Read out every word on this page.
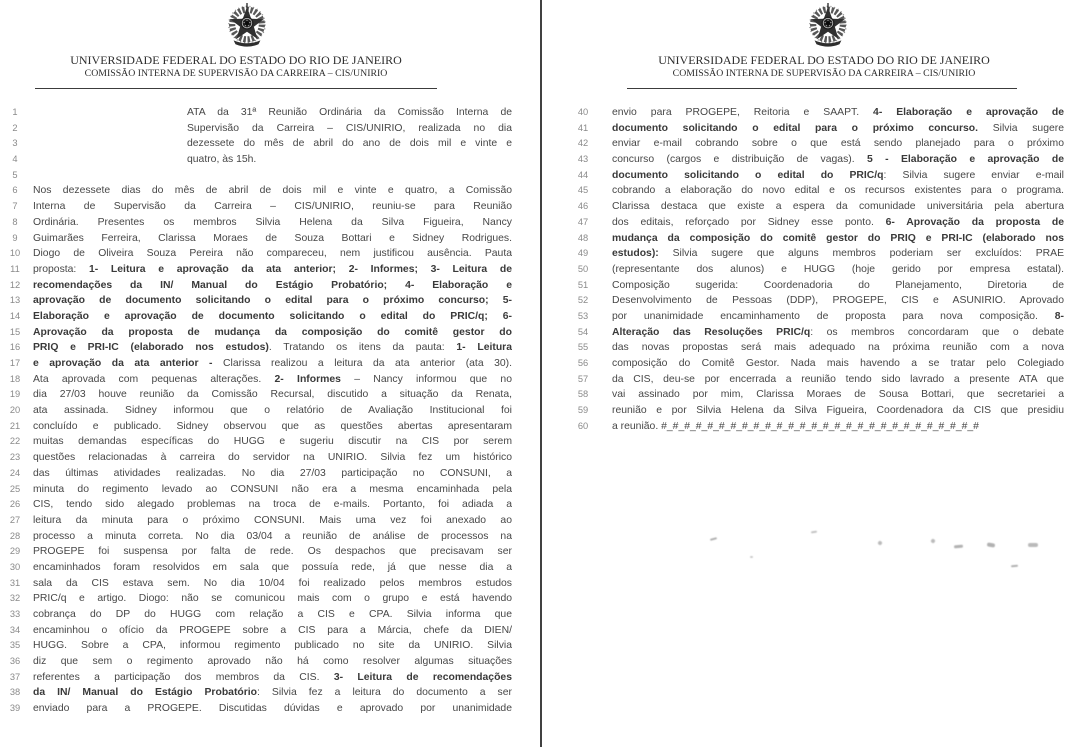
UNIVERSIDADE FEDERAL DO ESTADO DO RIO DE JANEIRO
COMISSÃO INTERNA DE SUPERVISÃO DA CARREIRA – CIS/UNIRIO
1	ATA da 31ª Reunião Ordinária da Comissão Interna de
2	Supervisão da Carreira – CIS/UNIRIO, realizada no dia
3	dezessete do mês de abril do ano de dois mil e vinte e
4	quatro, às 15h.
5
6	Nos dezessete dias do mês de abril de dois mil e vinte e quatro, a Comissão
7	Interna de Supervisão da Carreira – CIS/UNIRIO, reuniu-se para Reunião
8	Ordinária. Presentes os membros Silvia Helena da Silva Figueira, Nancy
9	Guimarães Ferreira, Clarissa Moraes de Souza Bottari e Sidney Rodrigues.
10	Diogo de Oliveira Souza Pereira não compareceu, nem justificou ausência. Pauta
11	proposta: 1- Leitura e aprovação da ata anterior; 2- Informes; 3- Leitura de
12	recomendações da IN/ Manual do Estágio Probatório; 4- Elaboração e
13	aprovação de documento solicitando o edital para o próximo concurso; 5-
14	Elaboração e aprovação de documento solicitando o edital do PRIC/q; 6-
15	Aprovação da proposta de mudança da composição do comitê gestor do
16	PRIQ e PRI-IC (elaborado nos estudos). Tratando os itens da pauta: 1- Leitura
17	e aprovação da ata anterior - Clarissa realizou a leitura da ata anterior (ata 30).
18	Ata aprovada com pequenas alterações. 2- Informes – Nancy informou que no
19	dia 27/03 houve reunião da Comissão Recursal, discutido a situação da Renata,
20	ata assinada. Sidney informou que o relatório de Avaliação Institucional foi
21	concluído e publicado. Sidney observou que as questões abertas apresentaram
22	muitas demandas específicas do HUGG e sugeriu discutir na CIS por serem
23	questões relacionadas à carreira do servidor na UNIRIO. Silvia fez um histórico
24	das últimas atividades realizadas. No dia 27/03 participação no CONSUNI, a
25	minuta do regimento levado ao CONSUNI não era a mesma encaminhada pela
26	CIS, tendo sido alegado problemas na troca de e-mails. Portanto, foi adiada a
27	leitura da minuta para o próximo CONSUNI. Mais uma vez foi anexado ao
28	processo a minuta correta. No dia 03/04 a reunião de análise de processos na
29	PROGEPE foi suspensa por falta de rede. Os despachos que precisavam ser
30	encaminhados foram resolvidos em sala que possuía rede, já que nesse dia a
31	sala da CIS estava sem. No dia 10/04 foi realizado pelos membros estudos
32	PRIC/q e artigo. Diogo: não se comunicou mais com o grupo e está havendo
33	cobrança do DP do HUGG com relação a CIS e CPA. Silvia informa que
34	encaminhou o ofício da PROGEPE sobre a CIS para a Márcia, chefe da DIEN/
35	HUGG. Sobre a CPA, informou regimento publicado no site da UNIRIO. Silvia
36	diz que sem o regimento aprovado não há como resolver algumas situações
37	referentes a participação dos membros da CIS. 3- Leitura de recomendações
38	da IN/ Manual do Estágio Probatório: Silvia fez a leitura do documento a ser
39	enviado para a PROGEPE. Discutidas dúvidas e aprovado por unanimidade
UNIVERSIDADE FEDERAL DO ESTADO DO RIO DE JANEIRO
COMISSÃO INTERNA DE SUPERVISÃO DA CARREIRA – CIS/UNIRIO
40	envio para PROGEPE, Reitoria e SAAPT. 4- Elaboração e aprovação de
41	documento solicitando o edital para o próximo concurso. Silvia sugere
42	enviar e-mail cobrando sobre o que está sendo planejado para o próximo
43	concurso (cargos e distribuição de vagas). 5 - Elaboração e aprovação de
44	documento solicitando o edital do PRIC/q: Silvia sugere enviar e-mail
45	cobrando a elaboração do novo edital e os recursos existentes para o programa.
46	Clarissa destaca que existe a espera da comunidade universitária pela abertura
47	dos editais, reforçado por Sidney esse ponto. 6- Aprovação da proposta de
48	mudança da composição do comitê gestor do PRIQ e PRI-IC (elaborado nos
49	estudos): Silvia sugere que alguns membros poderiam ser excluídos: PRAE
50	(representante dos alunos) e HUGG (hoje gerido por empresa estatal).
51	Composição sugerida: Coordenadoria do Planejamento, Diretoria de
52	Desenvolvimento de Pessoas (DDP), PROGEPE, CIS e ASUNIRIO. Aprovado
53	por unanimidade encaminhamento de proposta para nova composição. 8-
54	Alteração das Resoluções PRIC/q: os membros concordaram que o debate
55	das novas propostas será mais adequado na próxima reunião com a nova
56	composição do Comitê Gestor. Nada mais havendo a se tratar pelo Colegiado
57	da CIS, deu-se por encerrada a reunião tendo sido lavrado a presente ATA que
58	vai assinado por mim, Clarissa Moraes de Sousa Bottari, que secretariei a
59	reunião e por Silvia Helena da Silva Figueira, Coordenadora da CIS que presidiu
60	a reunião. #_#_#_#_#_#_#_#_#_#_#_#_#_#_#_#_#_#_#_#_#_#_#_#_#_#_#_#
